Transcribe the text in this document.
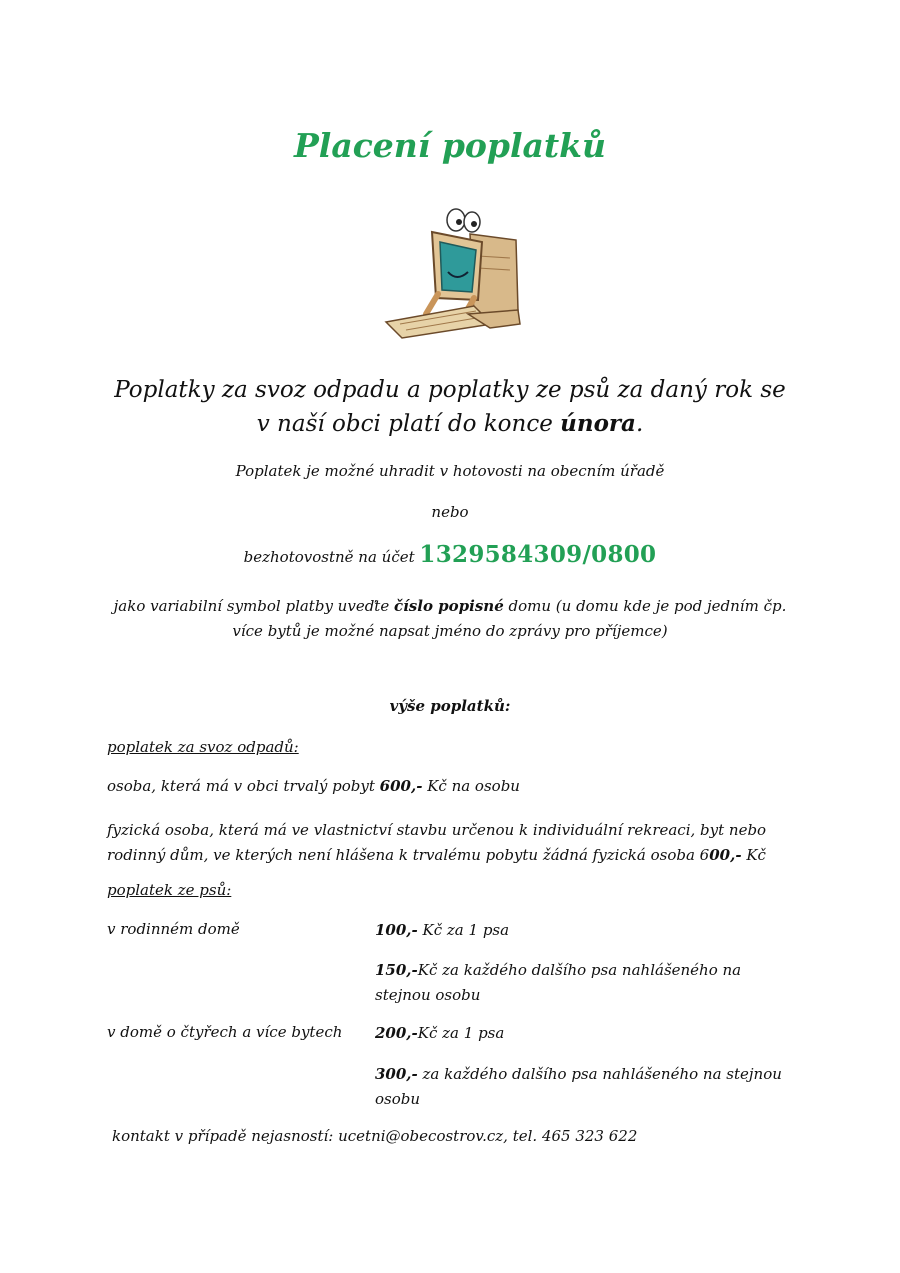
Placení poplatků
Poplatky za svoz odpadu a poplatky ze psů za daný rok se
v naší obci platí do konce února.
Poplatek je možné uhradit v hotovosti na obecním úřadě
nebo
bezhotovostně na účet 1329584309/0800
jako variabilní symbol platby uveďte číslo popisné domu (u domu kde je pod jedním čp.
více bytů je možné napsat jméno do zprávy pro příjemce)
výše poplatků:
poplatek za svoz odpadů:
osoba, která má v obci trvalý pobyt 600,- Kč na osobu
fyzická osoba, která má ve vlastnictví stavbu určenou k individuální rekreaci, byt nebo
rodinný dům, ve kterých není hlášena k trvalému pobytu žádná fyzická osoba 600,- Kč
poplatek ze psů:
v rodinném domě	100,- Kč za 1 psa
150,-Kč za každého dalšího psa nahlášeného na
stejnou osobu
v domě o čtyřech a více bytech 200,-Kč za 1 psa
300,- za každého dalšího psa nahlášeného na stejnou
osobu
kontakt v případě nejasností: ucetni@obecostrov.cz, tel. 465 323 622
